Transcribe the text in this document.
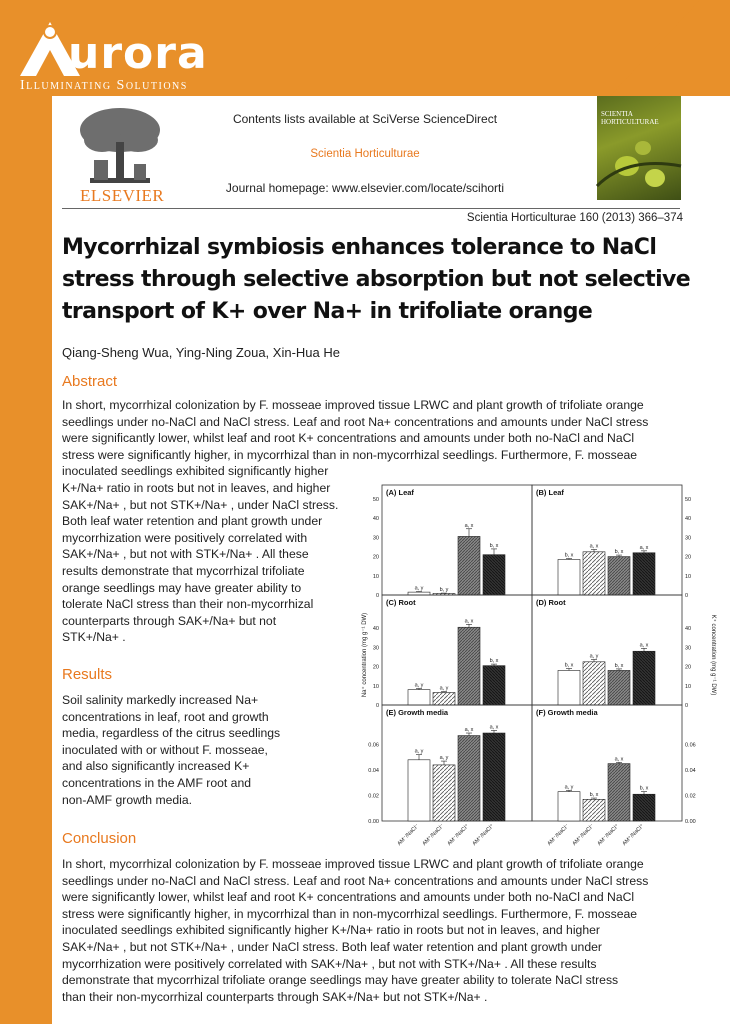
urora
Illuminating Solutions
ELSEVIER
Contents lists available at SciVerse ScienceDirect
Scientia Horticulturae
Journal homepage: www.elsevier.com/locate/scihorti
SCIENTIA HORTICULTURAE
Scientia Horticulturae 160 (2013) 366–374
Mycorrhizal symbiosis enhances tolerance to NaCl
stress through selective absorption but not selective
transport of K+ over Na+ in trifoliate orange
Qiang-Sheng Wua, Ying-Ning Zoua, Xin-Hua He
Abstract
In short, mycorrhizal colonization by F. mosseae improved tissue LRWC and plant growth of trifoliate orange
seedlings under no-NaCl and NaCl stress. Leaf and root Na+ concentrations and amounts under NaCl stress
were significantly lower, whilst leaf and root K+ concentrations and amounts under both no-NaCl and NaCl
stress were significantly higher, in mycorrhizal than in non-mycorrhizal seedlings. Furthermore, F. mosseae
inoculated seedlings exhibited significantly higher
K+/Na+ ratio in roots but not in leaves, and higher
SAK+/Na+ , but not STK+/Na+ , under NaCl stress.
Both leaf water retention and plant growth under
mycorrhization were positively correlated with
SAK+/Na+ , but not with STK+/Na+ . All these
results demonstrate that mycorrhizal trifoliate
orange seedlings may have greater ability to
tolerate NaCl stress than their non-mycorrhizal
counterparts through SAK+/Na+ but not
STK+/Na+ .
Results
Soil salinity markedly increased Na+
concentrations in leaf, root and growth
media, regardless of the citrus seedlings
inoculated with or without F. mosseae,
and also significantly increased K+
concentrations in the AMF root and
non-AMF growth media.
Conclusion
In short, mycorrhizal colonization by F. mosseae improved tissue LRWC and plant growth of trifoliate orange
seedlings under no-NaCl and NaCl stress. Leaf and root Na+ concentrations and amounts under NaCl stress
were significantly lower, whilst leaf and root K+ concentrations and amounts under both no-NaCl and NaCl
stress were significantly higher, in mycorrhizal than in non-mycorrhizal seedlings. Furthermore, F. mosseae
inoculated seedlings exhibited significantly higher K+/Na+ ratio in roots but not in leaves, and higher
SAK+/Na+ , but not STK+/Na+ , under NaCl stress. Both leaf water retention and plant growth under
mycorrhization were positively correlated with SAK+/Na+ , but not with STK+/Na+ . All these results
demonstrate that mycorrhizal trifoliate orange seedlings may have greater ability to tolerate NaCl stress
than their non-mycorrhizal counterparts through SAK+/Na+ but not STK+/Na+ .
(A) Leaf
0
10
20
30
40
50
a, y	b, y
a, x
b, x
(B) Leaf
0
10
20
30
40
50
b, x
a, x
b, x
a, x
(C) Root
0
10
20
30
40
a, y
a, y
a, x
b, x
(D) Root
0
10
20
30
40
b, x
a, y
b, x
a, x
(E) Growth media
0.00
0.02
0.04
0.06
a, y
a, y
a, x	a, x
AM⁻/NaCl⁻ AM⁺/NaCl⁻ AM⁻/NaCl⁺ AM⁺/NaCl⁺
(F) Growth media
0.00
0.02
0.04
0.06
a, y
b, x
a, x
b, x
AM⁻/NaCl⁻ AM⁺/NaCl⁻ AM⁻/NaCl⁺ AM⁺/NaCl⁺
Na⁺ concentration (mg g⁻¹ DW)	K⁺ concentration (mg g⁻¹ DW)
